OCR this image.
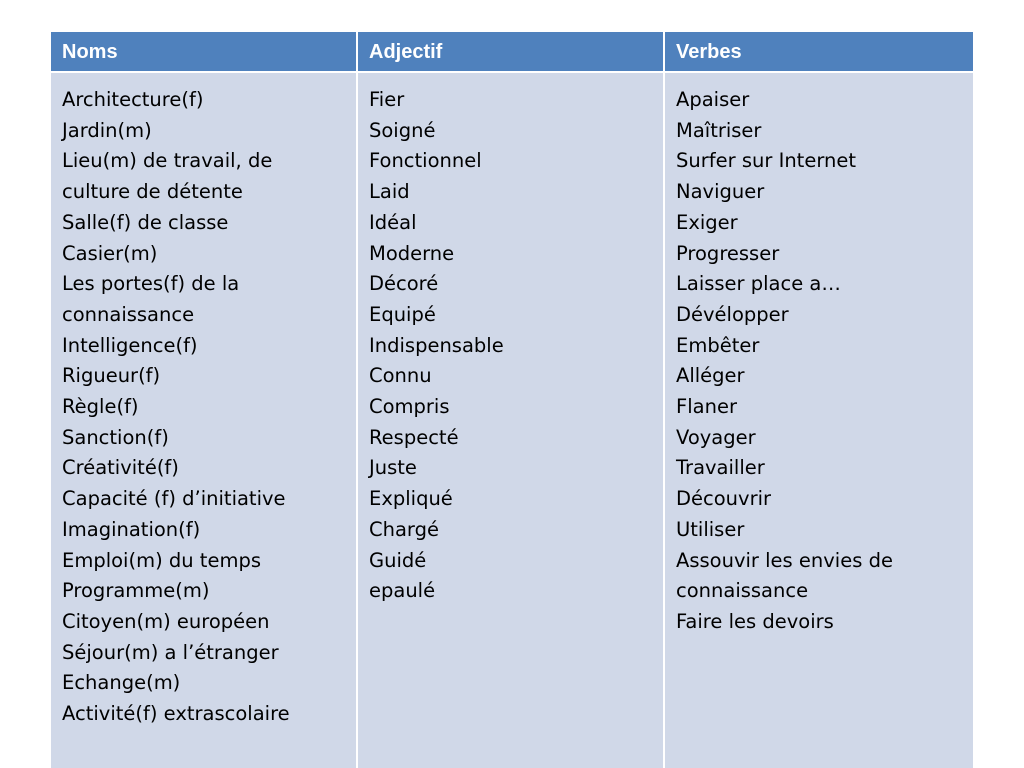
Noms	Adjectif	Verbes
Architecture(f)
Jardin(m)
Lieu(m) de travail, de
culture de détente
Salle(f) de classe
Casier(m)
Les portes(f) de la
connaissance
Intelligence(f)
Rigueur(f)
Règle(f)
Sanction(f)
Créativité(f)
Capacité (f) d’initiative
Imagination(f)
Emploi(m) du temps
Programme(m)
Citoyen(m) européen
Séjour(m) a l’étranger
Echange(m)
Activité(f) extrascolaire
Fier
Soigné
Fonctionnel
Laid
Idéal
Moderne
Décoré
Equipé
Indispensable
Connu
Compris
Respecté
Juste
Expliqué
Chargé
Guidé
epaulé
Apaiser
Maîtriser
Surfer sur Internet
Naviguer
Exiger
Progresser
Laisser place a…
Dévélopper
Embêter
Alléger
Flaner
Voyager
Travailler
Découvrir
Utiliser
Assouvir les envies de
connaissance
Faire les devoirs
